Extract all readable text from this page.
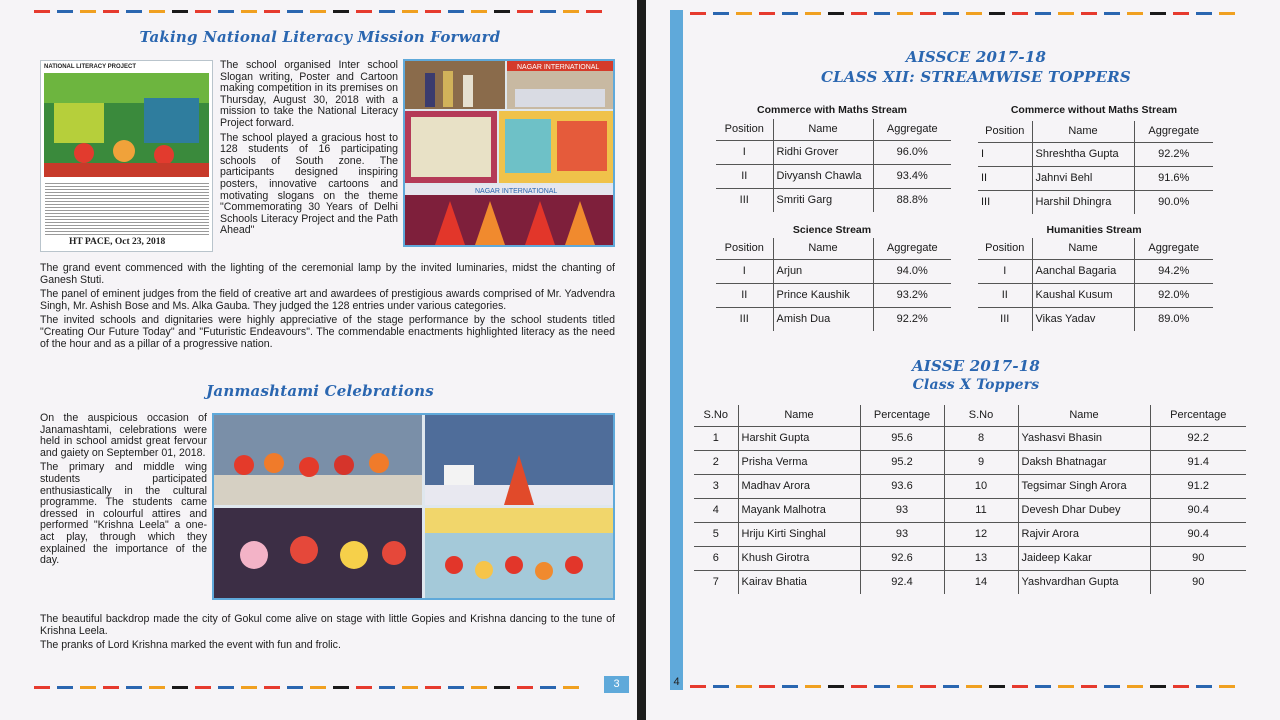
Taking National Literacy Mission Forward
NATIONAL LITERACY PROJECT
HT PACE, Oct 23, 2018

The school organised Inter school Slogan writing, Poster and Cartoon making competition in its premises on Thursday, August 30, 2018 with a mission to take the National Literacy Project forward.

The school played a gracious host to 128 students of 16 participating schools of South zone. The participants designed inspiring posters, innovative cartoons and motivating slogans on the theme "Commemorating 30 Years of Delhi Schools Literacy Project and the Path Ahead"

NAGAR INTERNATIONAL
NAGAR INTERNATIONAL

The grand event commenced with the lighting of the ceremonial lamp by the invited luminaries, midst the chanting of Ganesh Stuti.

The panel of eminent judges from the field of creative art and awardees of prestigious awards comprised of Mr. Yadvendra Singh, Mr. Ashish Bose and Ms. Alka Gauba. They judged the 128 entries under various categories.

The invited schools and dignitaries were highly appreciative of the stage performance by the school students titled "Creating Our Future Today" and "Futuristic Endeavours". The commendable enactments highlighted literacy as the need of the hour and as a pillar of a progressive nation.

Janmashtami Celebrations

On the auspicious occasion of Janamashtami, celebrations were held in school amidst great fervour and gaiety on September 01, 2018.

The primary and middle wing students participated enthusiastically in the cultural programme. The students came dressed in colourful attires and performed "Krishna Leela" a one-act play, through which they explained the importance of the day.

The beautiful backdrop made the city of Gokul come alive on stage with little Gopies and Krishna dancing to the tune of Krishna Leela.

The pranks of Lord Krishna marked the event with fun and frolic.

3	4
AISSCE 2017-18
CLASS XII: STREAMWISE TOPPERS
Commerce with Maths Stream
Position	Name	Aggregate
I	Ridhi Grover	96.0%
II	Divyansh Chawla	93.4%
III	Smriti Garg	88.8%
Commerce without Maths Stream
Position	Name	Aggregate
I	Shreshtha Gupta	92.2%
II	Jahnvi Behl	91.6%
III	Harshil Dhingra	90.0%
Science Stream
Position	Name	Aggregate
I	Arjun	94.0%
II	Prince Kaushik	93.2%
III	Amish Dua	92.2%
Humanities Stream
Position	Name	Aggregate
I	Aanchal Bagaria	94.2%
II	Kaushal Kusum	92.0%
III	Vikas Yadav	89.0%
AISSE 2017-18
Class X Toppers
S.No	Name	Percentage	S.No	Name	Percentage
1	Harshit Gupta	95.6	8	Yashasvi Bhasin	92.2
2	Prisha Verma	95.2	9	Daksh Bhatnagar	91.4
3	Madhav Arora	93.6	10	Tegsimar Singh Arora	91.2
4	Mayank Malhotra	93	11	Devesh Dhar Dubey	90.4
5	Hriju Kirti Singhal	93	12	Rajvir Arora	90.4
6	Khush Girotra	92.6	13	Jaideep Kakar	90
7	Kairav Bhatia	92.4	14	Yashvardhan Gupta	90
